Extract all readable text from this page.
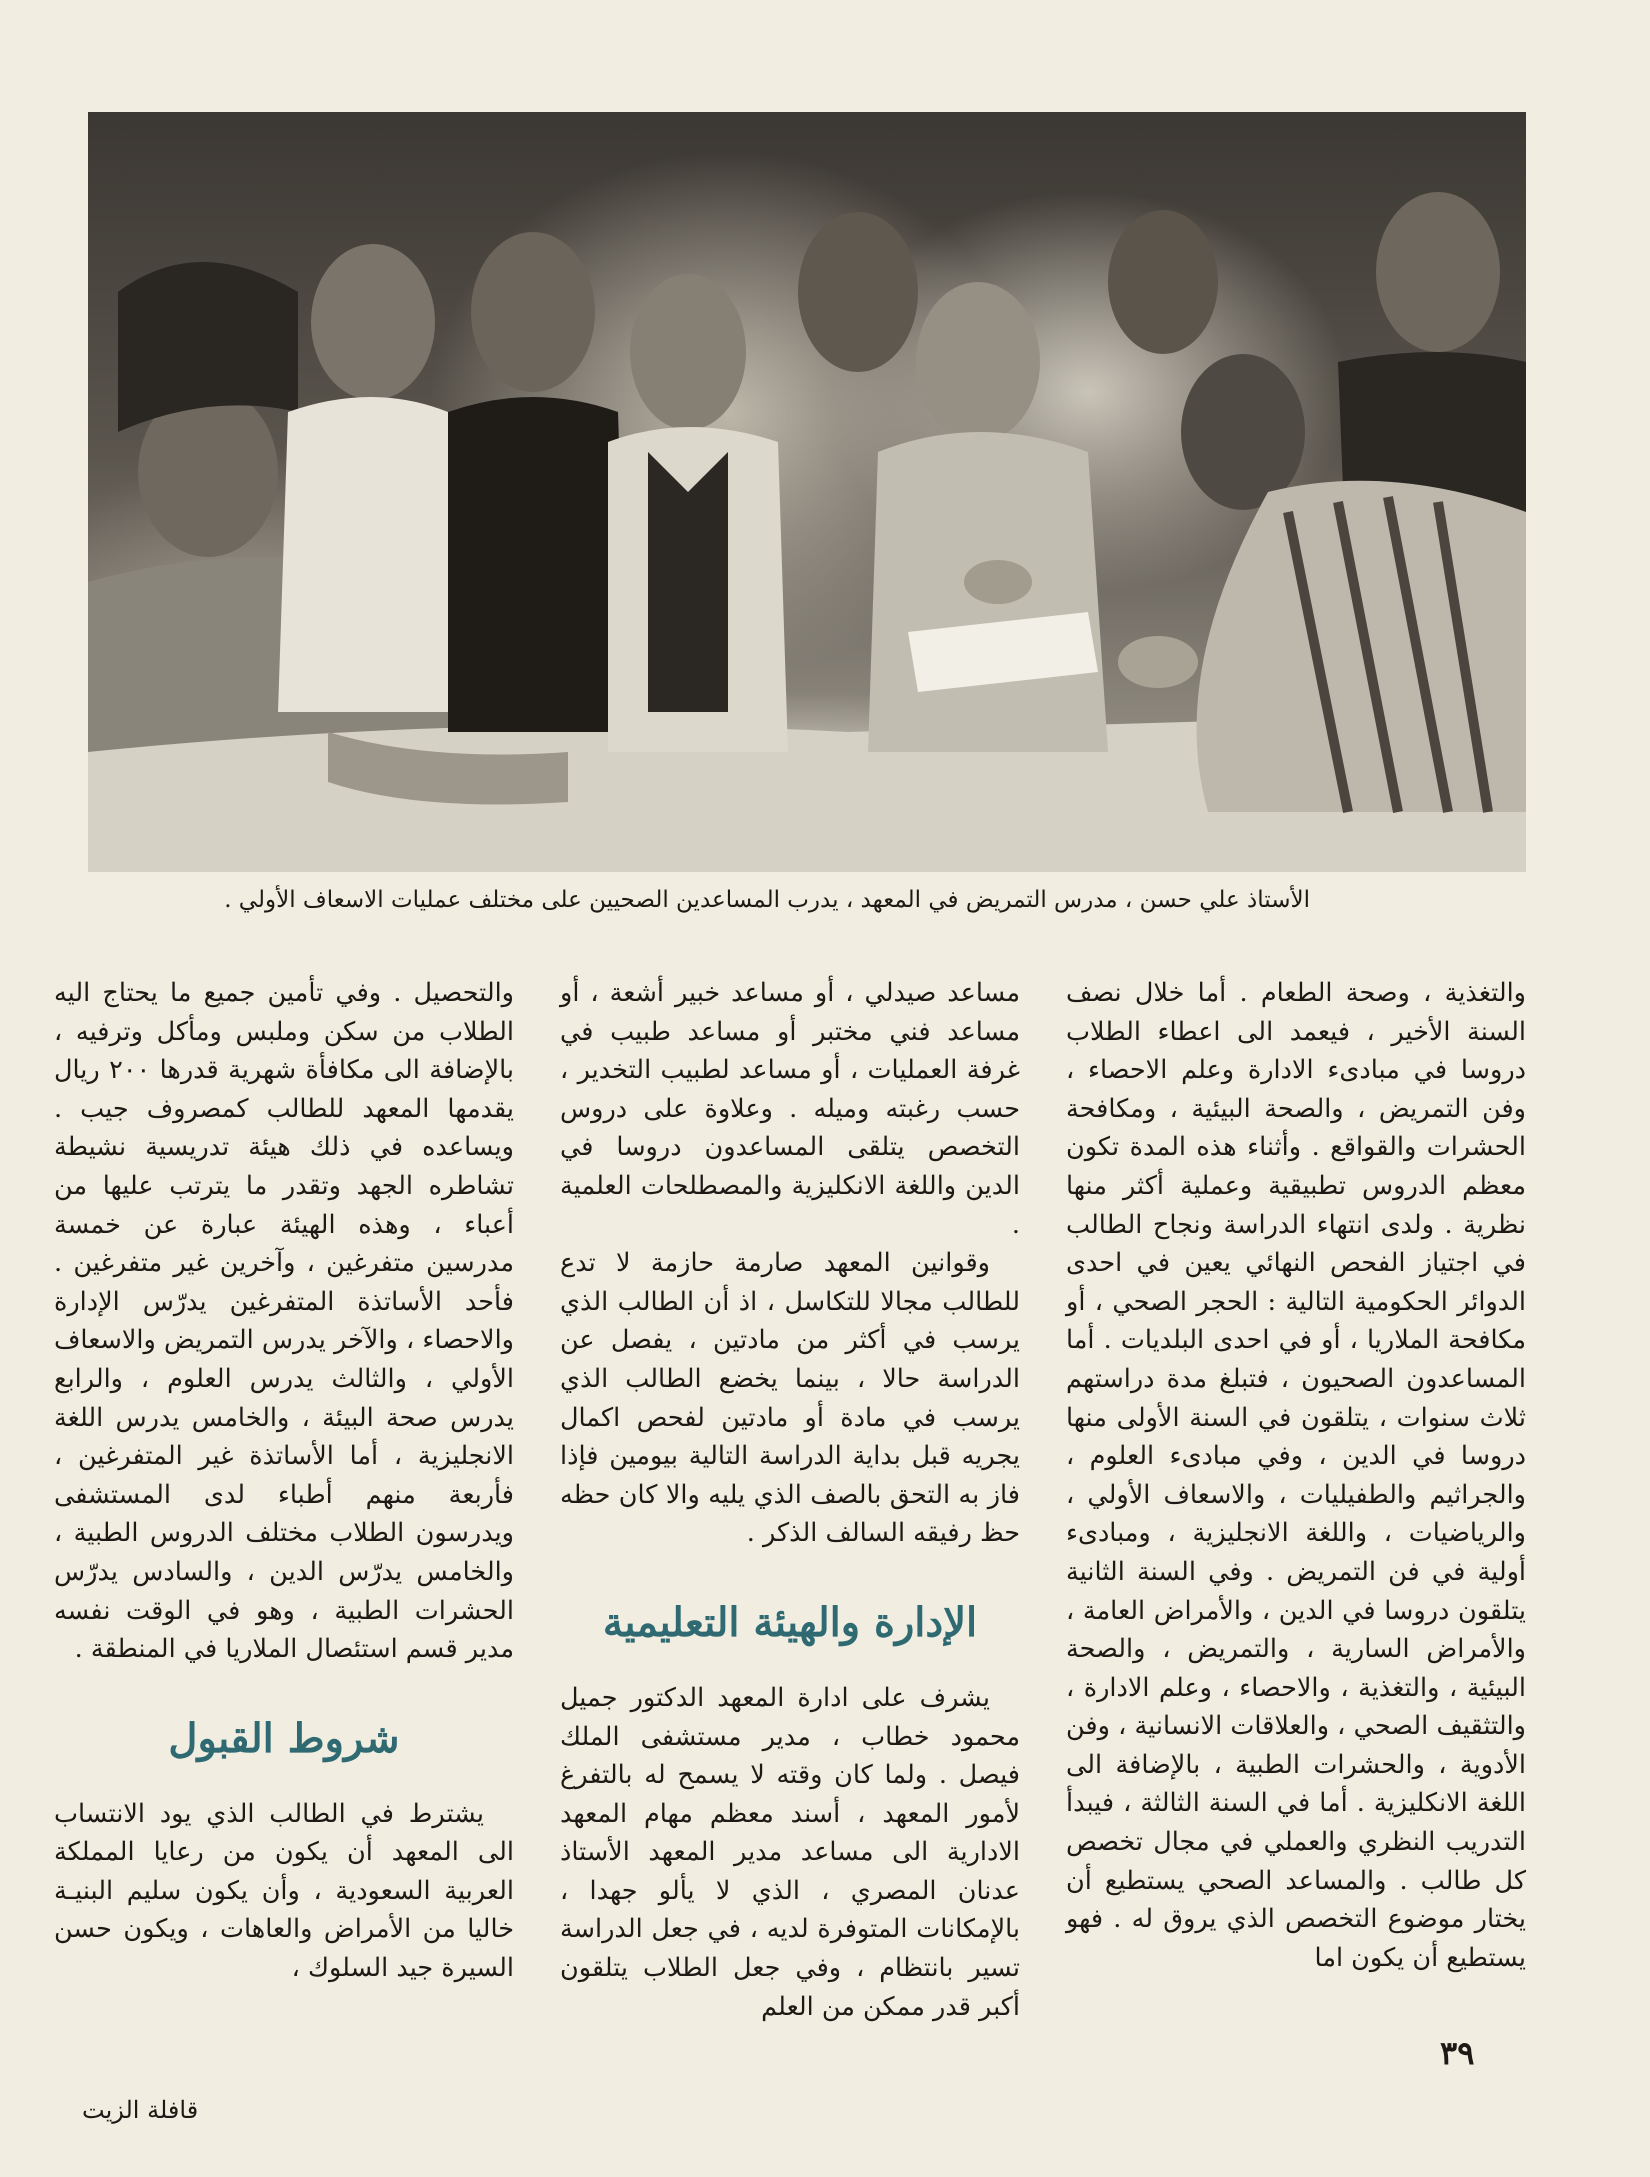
الأستاذ علي حسن ، مدرس التمريض في المعهد ، يدرب المساعدين الصحيين على مختلف عمليات الاسعاف الأولي .

والتغذية ، وصحة الطعام . أما خلال نصف السنة الأخير ، فيعمد الى اعطاء الطلاب دروسا في مبادىء الادارة وعلم الاحصاء ، وفن التمريض ، والصحة البيئية ، ومكافحة الحشرات والقواقع . وأثناء هذه المدة تكون معظم الدروس تطبيقية وعملية أكثر منها نظرية . ولدى انتهاء الدراسة ونجاح الطالب في اجتياز الفحص النهائي يعين في احدى الدوائر الحكومية التالية : الحجر الصحي ، أو مكافحة الملاريا ، أو في احدى البلديات . أما المساعدون الصحيون ، فتبلغ مدة دراستهم ثلاث سنوات ، يتلقون في السنة الأولى منها دروسا في الدين ، وفي مبادىء العلوم ، والجراثيم والطفيليات ، والاسعاف الأولي ، والرياضيات ، واللغة الانجليزية ، ومبادىء أولية في فن التمريض . وفي السنة الثانية يتلقون دروسا في الدين ، والأمراض العامة ، والأمراض السارية ، والتمريض ، والصحة البيئية ، والتغذية ، والاحصاء ، وعلم الادارة ، والتثقيف الصحي ، والعلاقات الانسانية ، وفن الأدوية ، والحشرات الطبية ، بالإضافة الى اللغة الانكليزية . أما في السنة الثالثة ، فيبدأ التدريب النظري والعملي في مجال تخصص كل طالب . والمساعد الصحي يستطيع أن يختار موضوع التخصص الذي يروق له . فهو يستطيع أن يكون اما

مساعد صيدلي ، أو مساعد خبير أشعة ، أو مساعد فني مختبر أو مساعد طبيب في غرفة العمليات ، أو مساعد لطبيب التخدير ، حسب رغبته وميله . وعلاوة على دروس التخصص يتلقى المساعدون دروسا في الدين واللغة الانكليزية والمصطلحات العلمية .

وقوانين المعهد صارمة حازمة لا تدع للطالب مجالا للتكاسل ، اذ أن الطالب الذي يرسب في أكثر من مادتين ، يفصل عن الدراسة حالا ، بينما يخضع الطالب الذي يرسب في مادة أو مادتين لفحص اكمال يجريه قبل بداية الدراسة التالية بيومين فإذا فاز به التحق بالصف الذي يليه والا كان حظه حظ رفيقه السالف الذكر .

الإدارة والهيئة التعليمية

يشرف على ادارة المعهد الدكتور جميل محمود خطاب ، مدير مستشفى الملك فيصل . ولما كان وقته لا يسمح له بالتفرغ لأمور المعهد ، أسند معظم مهام المعهد الادارية الى مساعد مدير المعهد الأستاذ عدنان المصري ، الذي لا يألو جهدا ، بالإمكانات المتوفرة لديه ، في جعل الدراسة تسير بانتظام ، وفي جعل الطلاب يتلقون أكبر قدر ممكن من العلم

والتحصيل . وفي تأمين جميع ما يحتاج اليه الطلاب من سكن وملبس ومأكل وترفيه ، بالإضافة الى مكافأة شهرية قدرها ٢٠٠ ريال يقدمها المعهد للطالب كمصروف جيب . ويساعده في ذلك هيئة تدريسية نشيطة تشاطره الجهد وتقدر ما يترتب عليها من أعباء ، وهذه الهيئة عبارة عن خمسة مدرسين متفرغين ، وآخرين غير متفرغين . فأحد الأساتذة المتفرغين يدرّس الإدارة والاحصاء ، والآخر يدرس التمريض والاسعاف الأولي ، والثالث يدرس العلوم ، والرابع يدرس صحة البيئة ، والخامس يدرس اللغة الانجليزية ، أما الأساتذة غير المتفرغين ، فأربعة منهم أطباء لدى المستشفى ويدرسون الطلاب مختلف الدروس الطبية ، والخامس يدرّس الدين ، والسادس يدرّس الحشرات الطبية ، وهو في الوقت نفسه مدير قسم استئصال الملاريا في المنطقة .

شروط القبول

يشترط في الطالب الذي يود الانتساب الى المعهد أن يكون من رعايا المملكة العربية السعودية ، وأن يكون سليم البنيـة خاليا من الأمراض والعاهات ، ويكون حسن السيرة جيد السلوك ،

٣٩
قافلة الزيت
